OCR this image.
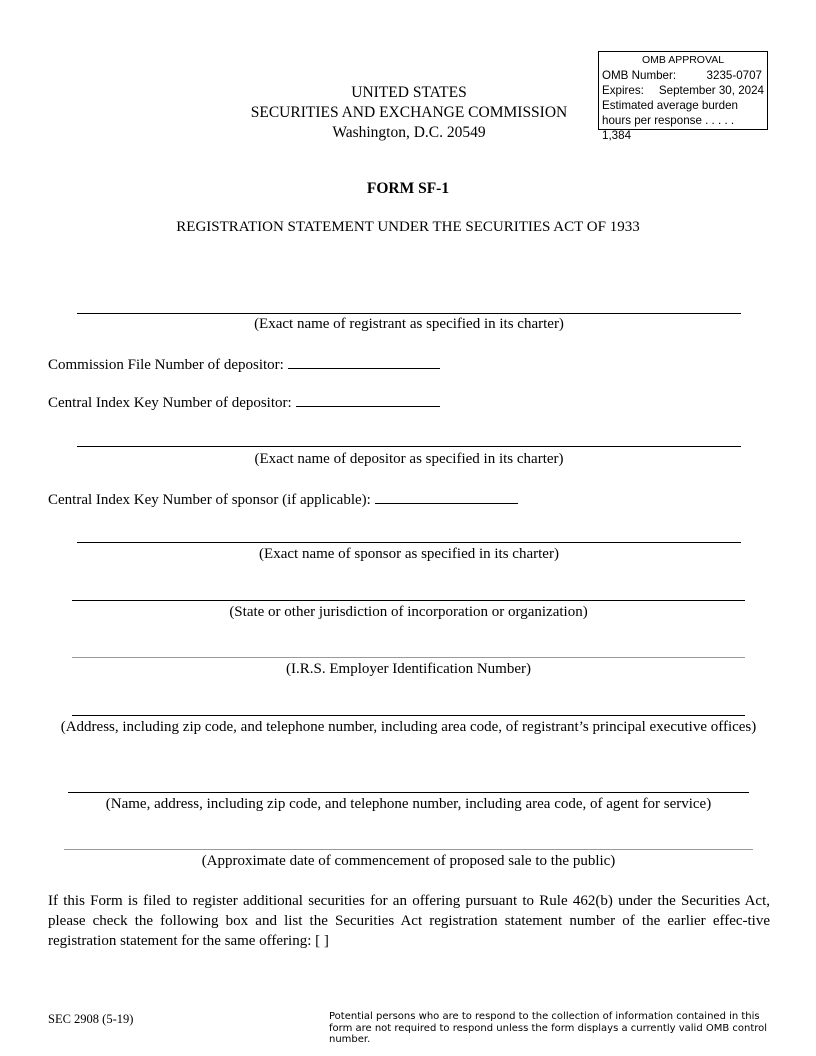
OMB APPROVAL
OMB Number:	3235-0707
Expires: September 30, 2024
Estimated average burden
hours per response . . . . . 1,384
UNITED STATES
SECURITIES AND EXCHANGE COMMISSION
Washington, D.C. 20549
FORM SF-1
REGISTRATION STATEMENT UNDER THE SECURITIES ACT OF 1933
(Exact name of registrant as specified in its charter)
Commission File Number of depositor:
Central Index Key Number of depositor:
(Exact name of depositor as specified in its charter)
Central Index Key Number of sponsor (if applicable):
(Exact name of sponsor as specified in its charter)
(State or other jurisdiction of incorporation or organization)
(I.R.S. Employer Identification Number)
(Address, including zip code, and telephone number, including area code, of registrant’s principal executive offices)
(Name, address, including zip code, and telephone number, including area code, of agent for service)
(Approximate date of commencement of proposed sale to the public)
If this Form is filed to register additional securities for an offering pursuant to Rule 462(b) under the Securities Act, please check the following box and list the Securities Act registration statement number of the earlier effec-tive registration statement for the same offering: [ ]
SEC 2908 (5-19)	Potential persons who are to respond to the collection of information contained in this form are not required to respond unless the form displays a currently valid OMB control number.
